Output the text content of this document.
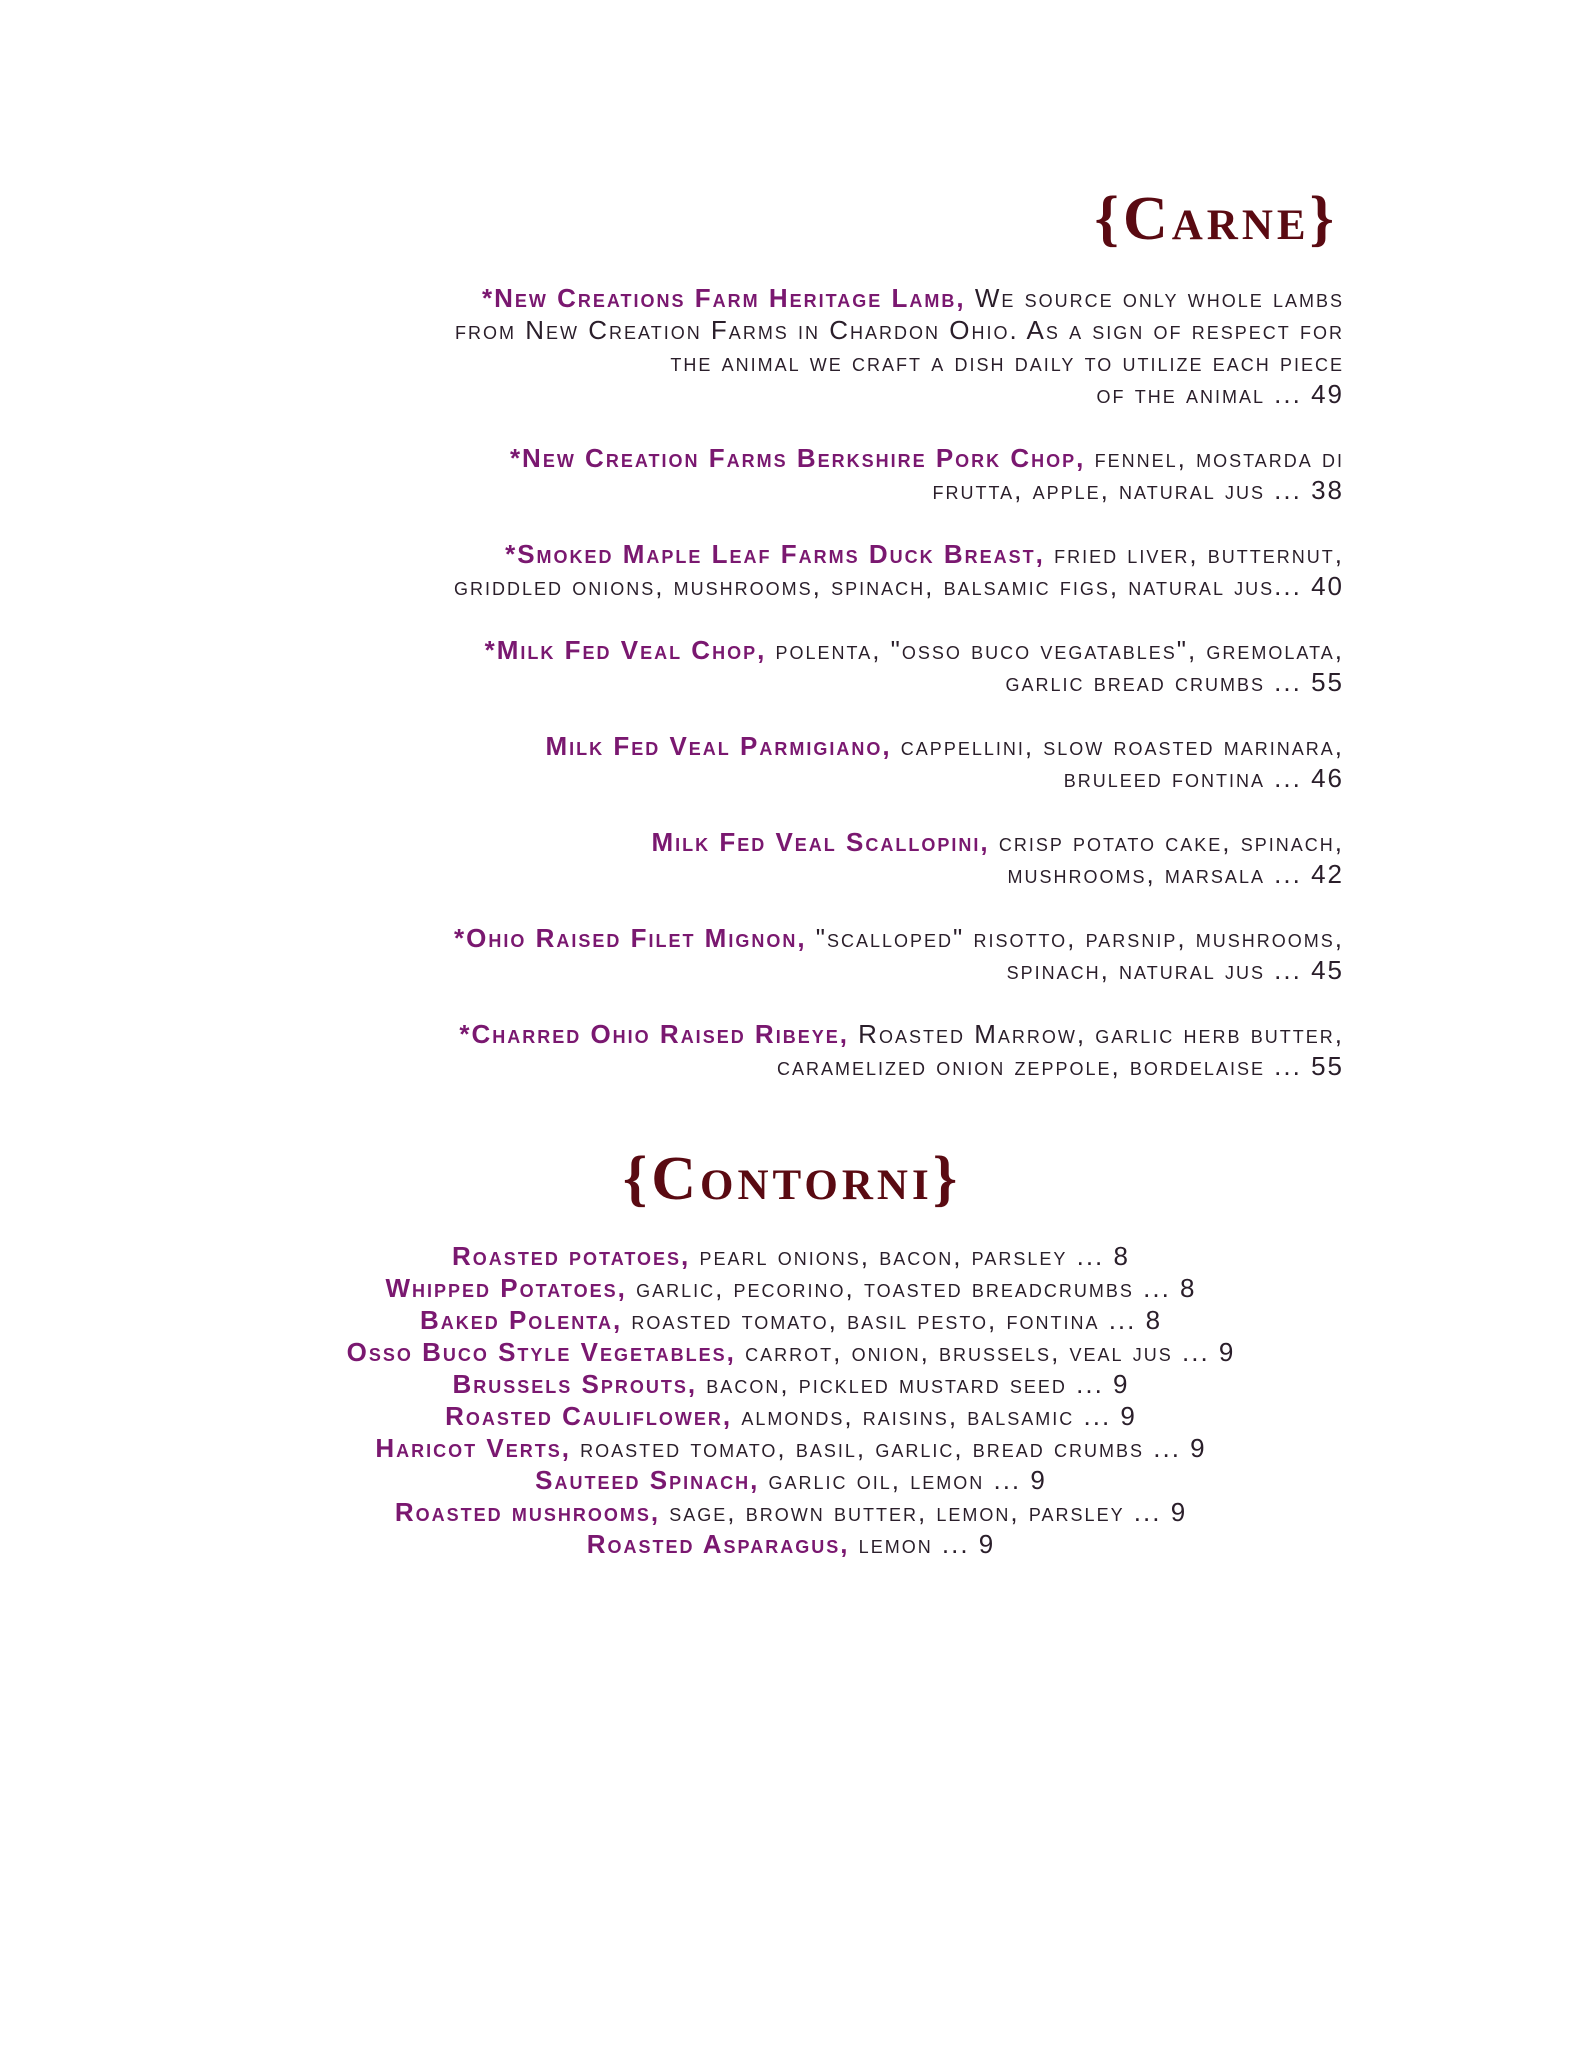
{Carne}
*New Creations Farm Heritage Lamb, We source only whole lambs
from New Creation Farms in Chardon Ohio. As a sign of respect for
the animal we craft a dish daily to utilize each piece
of the animal ... 49
*New Creation Farms Berkshire Pork Chop, fennel, mostarda di
frutta, apple, natural jus ... 38
*Smoked Maple Leaf Farms Duck Breast, fried liver, butternut,
griddled onions, mushrooms, spinach, balsamic figs, natural jus... 40
*Milk Fed Veal Chop, polenta, "osso buco vegatables", gremolata,
garlic bread crumbs ... 55
Milk Fed Veal Parmigiano, cappellini, slow roasted marinara,
bruleed fontina ... 46
Milk Fed Veal Scallopini, crisp potato cake, spinach,
mushrooms, marsala ... 42
*Ohio Raised Filet Mignon, "scalloped" risotto, parsnip, mushrooms,
spinach, natural jus ... 45
*Charred Ohio Raised Ribeye, Roasted Marrow, garlic herb butter,
caramelized onion zeppole, bordelaise ... 55
{Contorni}
Roasted potatoes, pearl onions, bacon, parsley ... 8
Whipped Potatoes, garlic, pecorino, toasted breadcrumbs ... 8
Baked Polenta, roasted tomato, basil pesto, fontina ... 8
Osso Buco Style Vegetables, carrot, onion, brussels, veal jus ... 9
Brussels Sprouts, bacon, pickled mustard seed ... 9
Roasted Cauliflower, almonds, raisins, balsamic ... 9
Haricot Verts, roasted tomato, basil, garlic, bread crumbs ... 9
Sauteed Spinach, garlic oil, lemon ... 9
Roasted mushrooms, sage, brown butter, lemon, parsley ... 9
Roasted Asparagus, lemon ... 9
